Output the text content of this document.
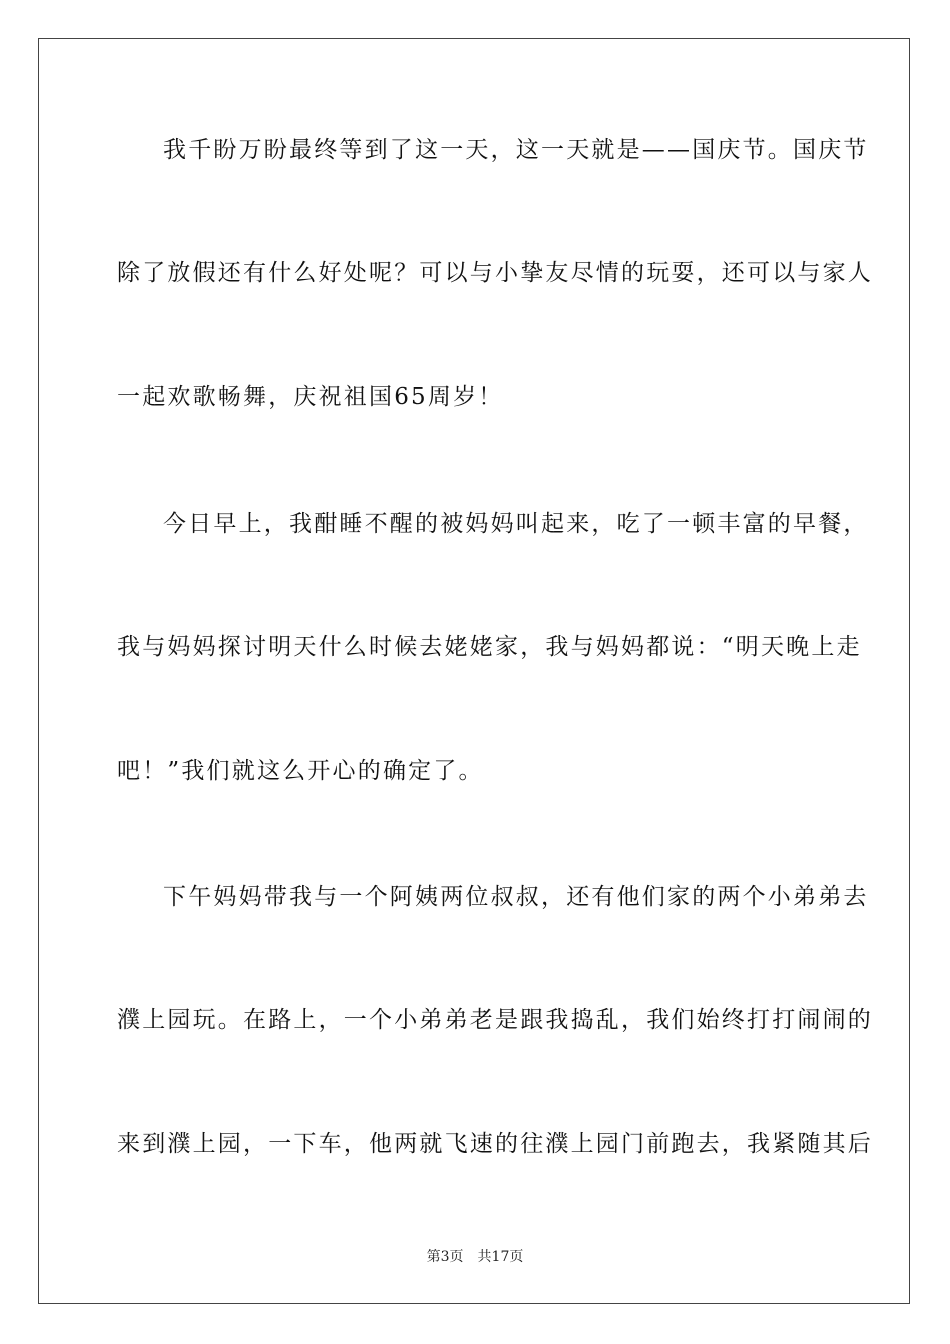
我千盼万盼最终等到了这一天，这一天就是——国庆节。国庆节
除了放假还有什么好处呢？可以与小挚友尽情的玩耍，还可以与家人
一起欢歌畅舞，庆祝祖国65周岁！
今日早上，我酣睡不醒的被妈妈叫起来，吃了一顿丰富的早餐，
我与妈妈探讨明天什么时候去姥姥家，我与妈妈都说：“明天晚上走
吧！”我们就这么开心的确定了。
下午妈妈带我与一个阿姨两位叔叔，还有他们家的两个小弟弟去
濮上园玩。在路上，一个小弟弟老是跟我捣乱，我们始终打打闹闹的
来到濮上园，一下车，他两就飞速的往濮上园门前跑去，我紧随其后
第3页 共17页
